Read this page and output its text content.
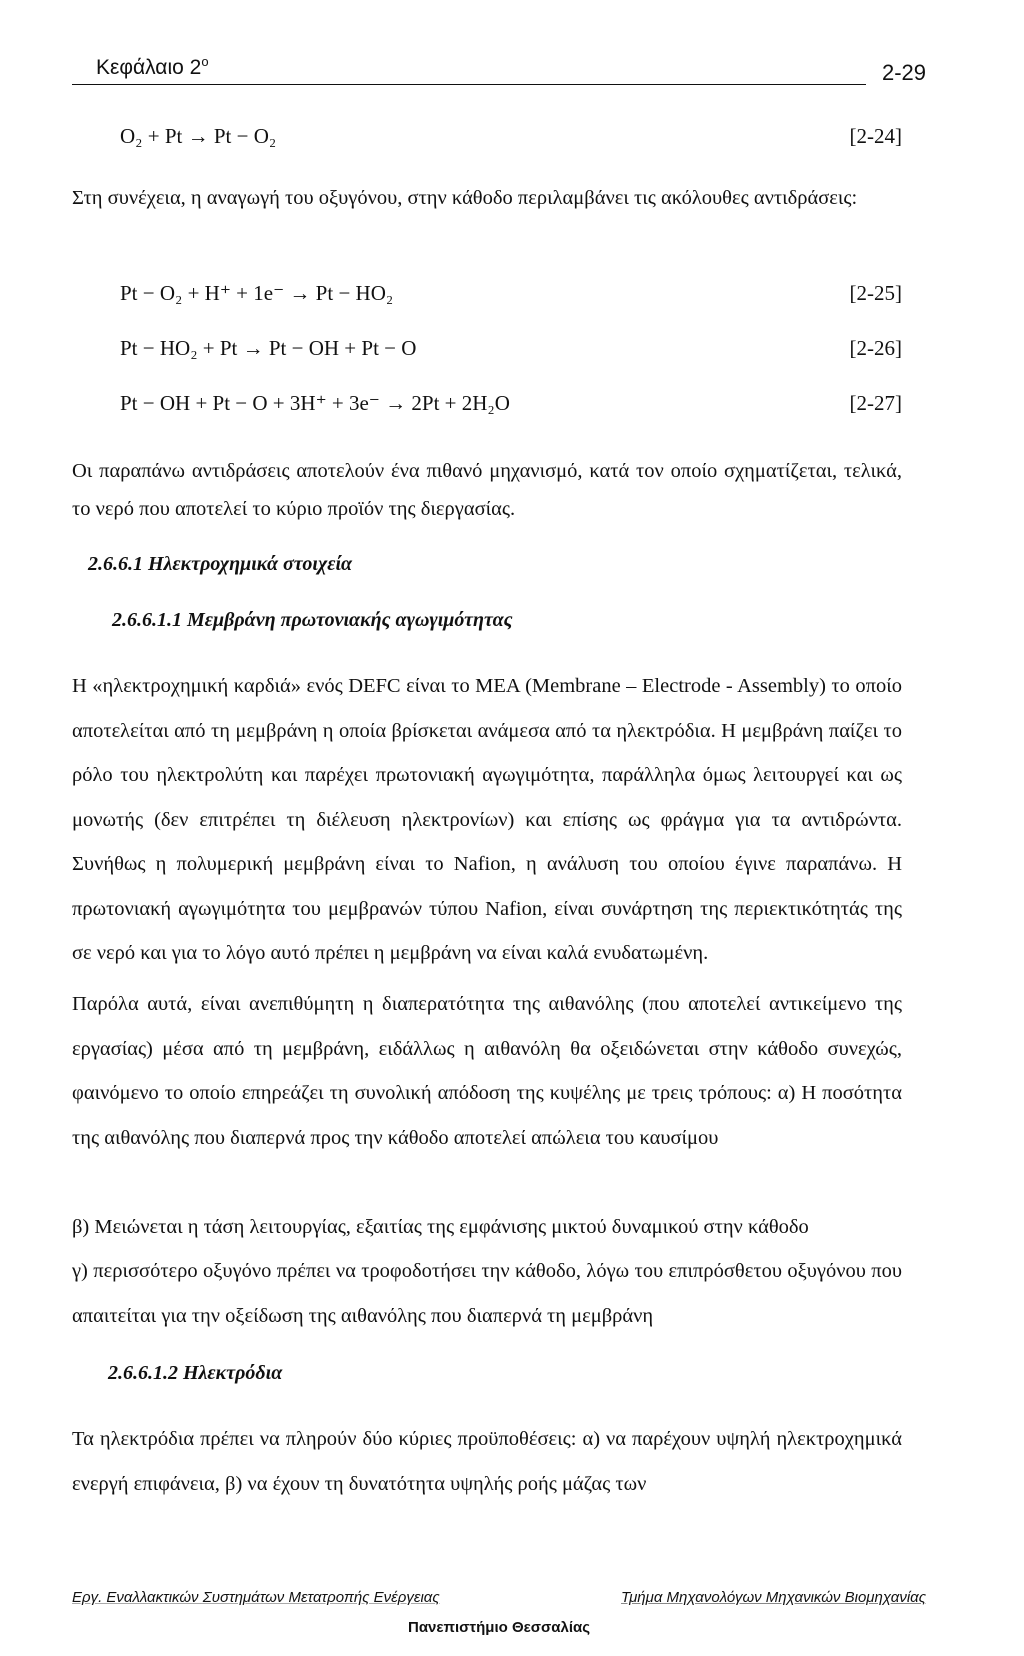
Κεφάλαιο $2^o$	2-29
O₂ + Pt → Pt − O₂	[2-24]
Στη συνέχεια, η αναγωγή του οξυγόνου, στην κάθοδο περιλαμβάνει τις ακόλουθες αντιδράσεις:
Pt − O₂ + H⁺ + 1e⁻ → Pt − HO₂	[2-25]
Pt − HO₂ + Pt → Pt − OH + Pt − O	[2-26]
Pt − OH + Pt − O + 3H⁺ + 3e⁻ → 2Pt + 2H₂O	[2-27]
Οι παραπάνω αντιδράσεις αποτελούν ένα πιθανό μηχανισμό, κατά τον οποίο σχηματίζεται, τελικά, το νερό που αποτελεί το κύριο προϊόν της διεργασίας.
2.6.6.1 Ηλεκτροχημικά στοιχεία
2.6.6.1.1 Μεμβράνη πρωτονιακής αγωγιμότητας
Η «ηλεκτροχημική καρδιά» ενός DEFC είναι το MEA (Membrane – Electrode - Assembly) το οποίο αποτελείται από τη μεμβράνη η οποία βρίσκεται ανάμεσα από τα ηλεκτρόδια. Η μεμβράνη παίζει το ρόλο του ηλεκτρολύτη και παρέχει πρωτονιακή αγωγιμότητα, παράλληλα όμως λειτουργεί και ως μονωτής (δεν επιτρέπει τη διέλευση ηλεκτρονίων) και επίσης ως φράγμα για τα αντιδρώντα. Συνήθως η πολυμερική μεμβράνη είναι το Nafion, η ανάλυση του οποίου έγινε παραπάνω. Η πρωτονιακή αγωγιμότητα του μεμβρανών τύπου Nafion, είναι συνάρτηση της περιεκτικότητάς της σε νερό και για το λόγο αυτό πρέπει η μεμβράνη να είναι καλά ενυδατωμένη.
Παρόλα αυτά, είναι ανεπιθύμητη η διαπερατότητα της αιθανόλης (που αποτελεί αντικείμενο της εργασίας) μέσα από τη μεμβράνη, ειδάλλως η αιθανόλη θα οξειδώνεται στην κάθοδο συνεχώς, φαινόμενο το οποίο επηρεάζει τη συνολική απόδοση της κυψέλης με τρεις τρόπους: α) Η ποσότητα της αιθανόλης που διαπερνά προς την κάθοδο αποτελεί απώλεια του καυσίμου
β) Μειώνεται η τάση λειτουργίας, εξαιτίας της εμφάνισης μικτού δυναμικού στην κάθοδο
γ) περισσότερο οξυγόνο πρέπει να τροφοδοτήσει την κάθοδο, λόγω του επιπρόσθετου οξυγόνου που απαιτείται για την οξείδωση της αιθανόλης που διαπερνά τη μεμβράνη
2.6.6.1.2 Ηλεκτρόδια
Τα ηλεκτρόδια πρέπει να πληρούν δύο κύριες προϋποθέσεις: α) να παρέχουν υψηλή ηλεκτροχημικά ενεργή επιφάνεια, β) να έχουν τη δυνατότητα υψηλής ροής μάζας των
Εργ. Εναλλακτικών Συστημάτων Μετατροπής Ενέργειας	Τμήμα Μηχανολόγων Μηχανικών Βιομηχανίας
Πανεπιστήμιο Θεσσαλίας
